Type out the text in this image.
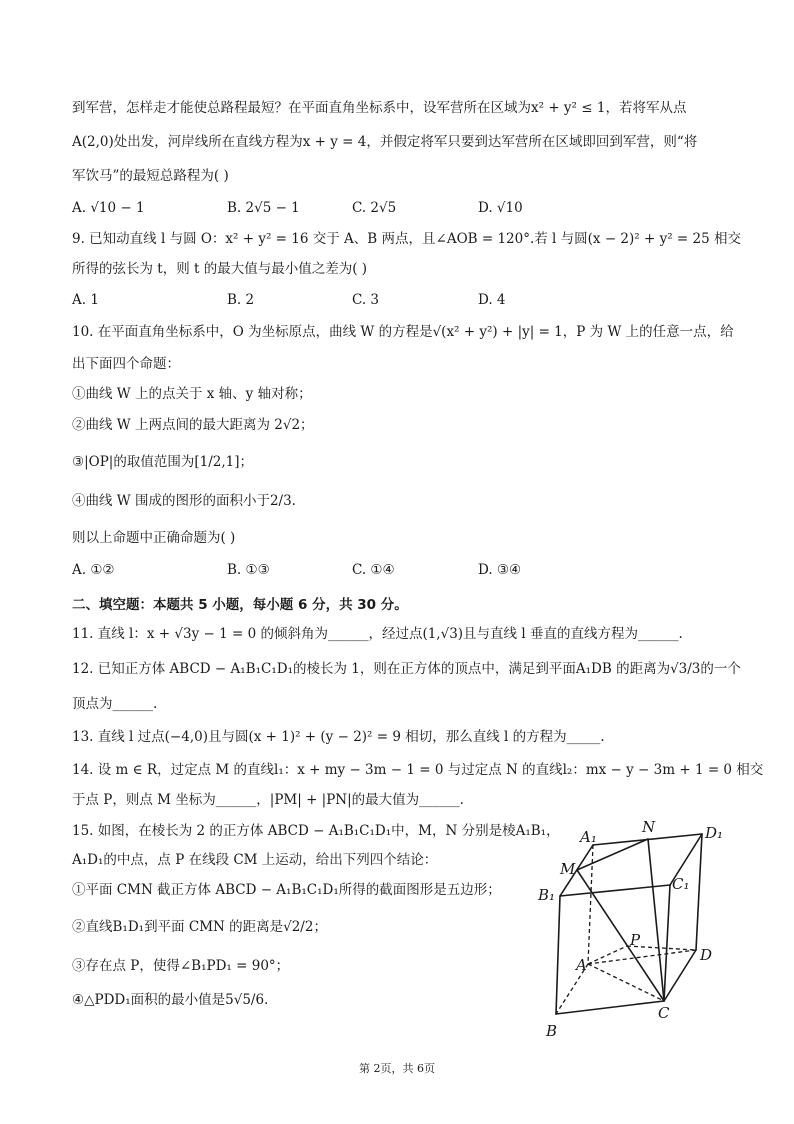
到军营，怎样走才能使总路程最短？在平面直角坐标系中，设军营所在区域为x² + y² ≤ 1，若将军从点
A(2,0)处出发，河岸线所在直线方程为x + y = 4，并假定将军只要到达军营所在区域即回到军营，则“将
军饮马”的最短总路程为( )
A. √10 − 1	B. 2√5 − 1	C. 2√5	D. √10
9. 已知动直线 l 与圆 O：x² + y² = 16 交于 A、B 两点，且∠AOB = 120°.若 l 与圆(x − 2)² + y² = 25 相交
所得的弦长为 t，则 t 的最大值与最小值之差为( )
A. 1	B. 2	C. 3	D. 4
10. 在平面直角坐标系中，O 为坐标原点，曲线 W 的方程是√(x² + y²) + |y| = 1，P 为 W 上的任意一点，给
出下面四个命题：
①曲线 W 上的点关于 x 轴、y 轴对称；
②曲线 W 上两点间的最大距离为 2√2；
③|OP|的取值范围为[1/2,1]；
④曲线 W 围成的图形的面积小于2/3.
则以上命题中正确命题为( )
A. ①②	B. ①③	C. ①④	D. ③④
二、填空题：本题共 5 小题，每小题 6 分，共 30 分。
11. 直线 l：x + √3y − 1 = 0 的倾斜角为______，经过点(1,√3)且与直线 l 垂直的直线方程为______.
12. 已知正方体 ABCD − A₁B₁C₁D₁的棱长为 1，则在正方体的顶点中，满足到平面A₁DB 的距离为√3/3的一个
顶点为______.
13. 直线 l 过点(−4,0)且与圆(x + 1)² + (y − 2)² = 9 相切，那么直线 l 的方程为_____.
14. 设 m ∈ R，过定点 M 的直线l₁：x + my − 3m − 1 = 0 与过定点 N 的直线l₂：mx − y − 3m + 1 = 0 相交
于点 P，则点 M 坐标为______，|PM| + |PN|的最大值为______.
15. 如图，在棱长为 2 的正方体 ABCD − A₁B₁C₁D₁中，M，N 分别是棱A₁B₁，
A₁D₁的中点，点 P 在线段 CM 上运动，给出下列四个结论：
①平面 CMN 截正方体 ABCD − A₁B₁C₁D₁所得的截面图形是五边形；
②直线B₁D₁到平面 CMN 的距离是√2/2；
③存在点 P，使得∠B₁PD₁ = 90°；
④△PDD₁面积的最小值是5√5/6.
A₁
N	D₁
M
B₁
C₁
P
A
D
B
C
第 2页，共 6页
